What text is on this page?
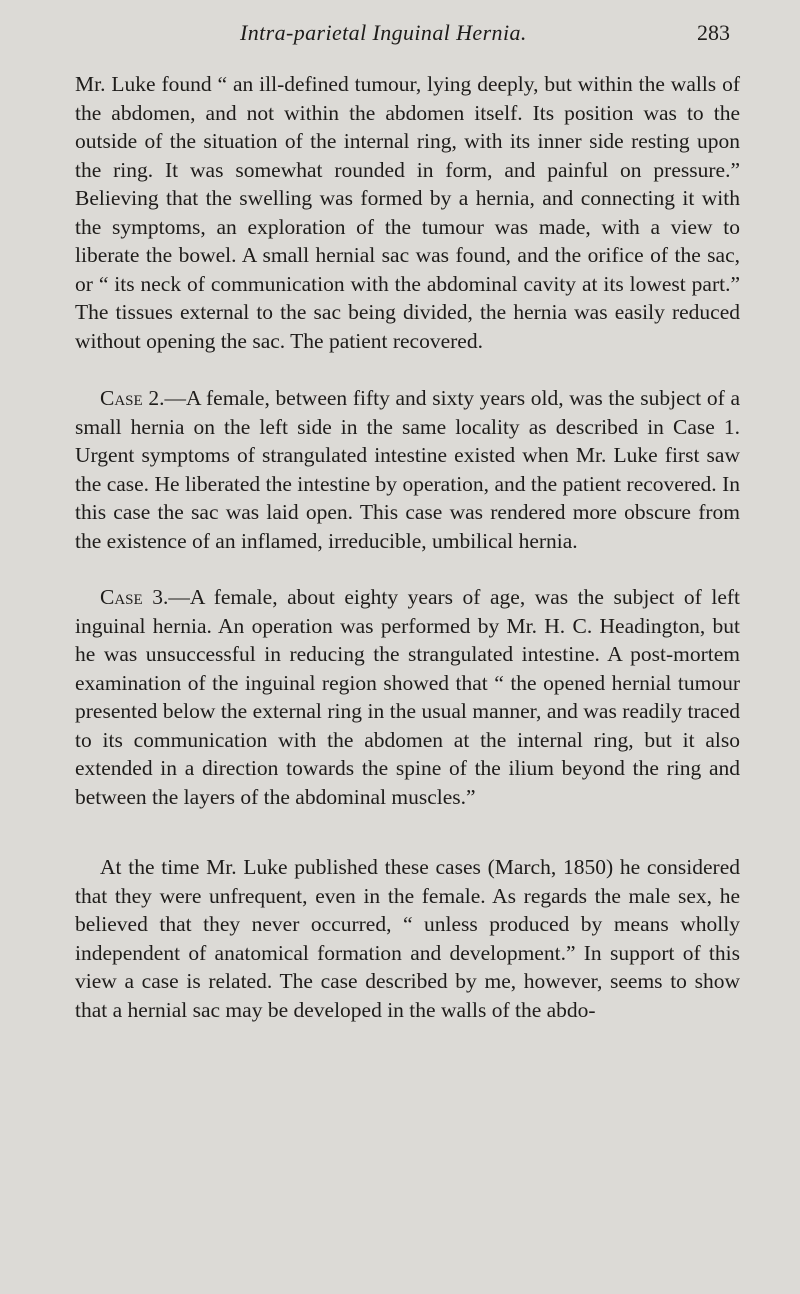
Intra-parietal Inguinal Hernia.	283

Mr. Luke found “ an ill-defined tumour, lying deeply, but within the walls of the abdomen, and not within the abdomen itself. Its position was to the outside of the situation of the internal ring, with its inner side resting upon the ring. It was somewhat rounded in form, and painful on pressure.” Believing that the swelling was formed by a hernia, and connecting it with the symptoms, an exploration of the tumour was made, with a view to liberate the bowel. A small hernial sac was found, and the orifice of the sac, or “ its neck of communication with the abdominal cavity at its lowest part.” The tissues external to the sac being divided, the hernia was easily reduced without opening the sac. The patient recovered.

Case 2.—A female, between fifty and sixty years old, was the subject of a small hernia on the left side in the same locality as described in Case 1. Urgent symptoms of strangulated intestine existed when Mr. Luke first saw the case. He liberated the intestine by operation, and the patient recovered. In this case the sac was laid open. This case was rendered more obscure from the existence of an inflamed, irreducible, umbilical hernia.

Case 3.—A female, about eighty years of age, was the subject of left inguinal hernia. An operation was performed by Mr. H. C. Headington, but he was unsuccessful in reducing the strangulated intestine. A post-mortem examination of the inguinal region showed that “ the opened hernial tumour presented below the external ring in the usual manner, and was readily traced to its communication with the abdomen at the internal ring, but it also extended in a direction towards the spine of the ilium beyond the ring and between the layers of the abdominal muscles.”

At the time Mr. Luke published these cases (March, 1850) he considered that they were unfrequent, even in the female. As regards the male sex, he believed that they never occurred, “ unless produced by means wholly independent of anatomical formation and development.” In support of this view a case is related. The case described by me, however, seems to show that a hernial sac may be developed in the walls of the abdo-
